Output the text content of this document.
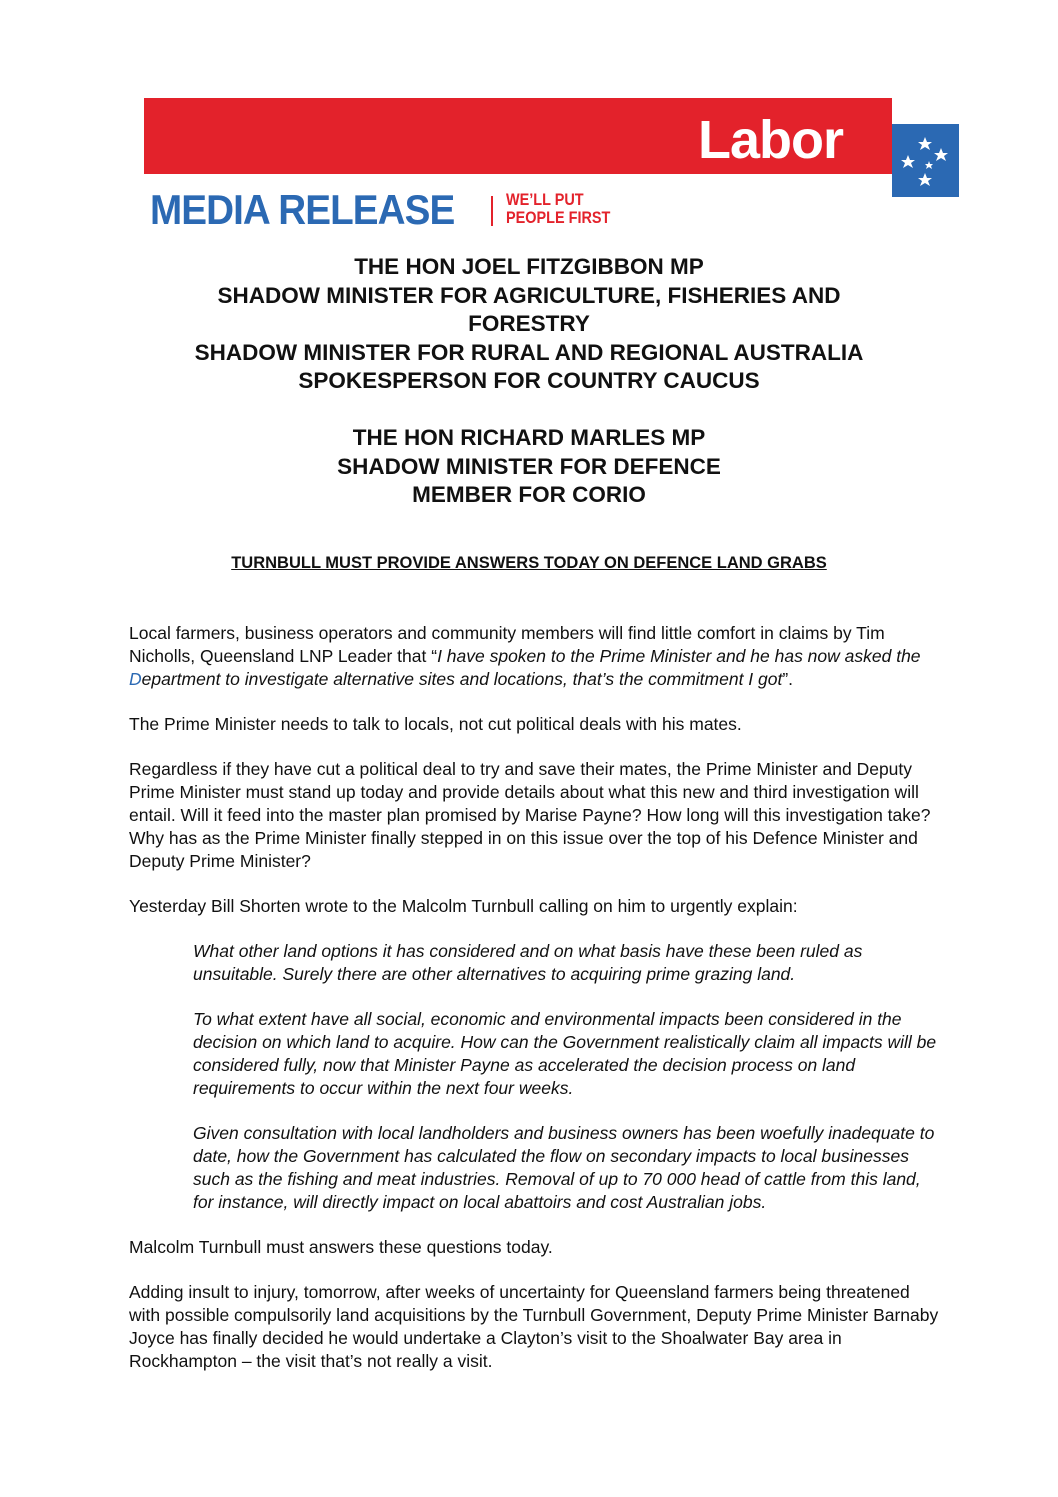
Labor
MEDIA RELEASE	WE’LL PUT
PEOPLE FIRST
THE HON JOEL FITZGIBBON MP
SHADOW MINISTER FOR AGRICULTURE, FISHERIES AND
FORESTRY
SHADOW MINISTER FOR RURAL AND REGIONAL AUSTRALIA
SPOKESPERSON FOR COUNTRY CAUCUS
THE HON RICHARD MARLES MP
SHADOW MINISTER FOR DEFENCE
MEMBER FOR CORIO
TURNBULL MUST PROVIDE ANSWERS TODAY ON DEFENCE LAND GRABS

Local farmers, business operators and community members will find little comfort in claims by Tim Nicholls, Queensland LNP Leader that “I have spoken to the Prime Minister and he has now asked the Department to investigate alternative sites and locations, that’s the commitment I got”.

The Prime Minister needs to talk to locals, not cut political deals with his mates.

Regardless if they have cut a political deal to try and save their mates, the Prime Minister and Deputy Prime Minister must stand up today and provide details about what this new and third investigation will entail. Will it feed into the master plan promised by Marise Payne? How long will this investigation take? Why has as the Prime Minister finally stepped in on this issue over the top of his Defence Minister and Deputy Prime Minister?

Yesterday Bill Shorten wrote to the Malcolm Turnbull calling on him to urgently explain:

What other land options it has considered and on what basis have these been ruled as unsuitable. Surely there are other alternatives to acquiring prime grazing land.

To what extent have all social, economic and environmental impacts been considered in the decision on which land to acquire. How can the Government realistically claim all impacts will be considered fully, now that Minister Payne as accelerated the decision process on land requirements to occur within the next four weeks.

Given consultation with local landholders and business owners has been woefully inadequate to date, how the Government has calculated the flow on secondary impacts to local businesses such as the fishing and meat industries. Removal of up to 70 000 head of cattle from this land, for instance, will directly impact on local abattoirs and cost Australian jobs.

Malcolm Turnbull must answers these questions today.

Adding insult to injury, tomorrow, after weeks of uncertainty for Queensland farmers being threatened with possible compulsorily land acquisitions by the Turnbull Government, Deputy Prime Minister Barnaby Joyce has finally decided he would undertake a Clayton’s visit to the Shoalwater Bay area in Rockhampton – the visit that’s not really a visit.
